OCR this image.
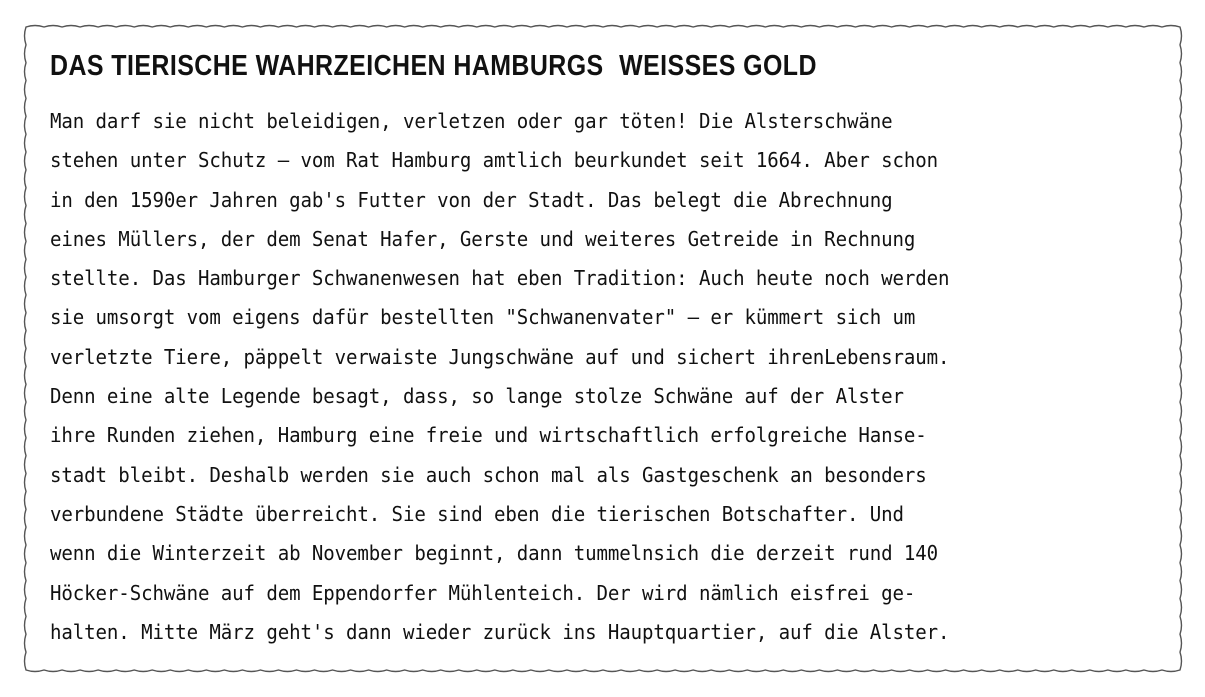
DAS TIERISCHE WAHRZEICHEN HAMBURGS WEISSES GOLD
Man darf sie nicht beleidigen, verletzen oder gar töten! Die Alsterschwäne
stehen unter Schutz – vom Rat Hamburg amtlich beurkundet seit 1664. Aber schon
in den 1590er Jahren gab's Futter von der Stadt. Das belegt die Abrechnung
eines Müllers, der dem Senat Hafer, Gerste und weiteres Getreide in Rechnung
stellte. Das Hamburger Schwanenwesen hat eben Tradition: Auch heute noch werden
sie umsorgt vom eigens dafür bestellten "Schwanenvater" – er kümmert sich um
verletzte Tiere, päppelt verwaiste Jungschwäne auf und sichert ihrenLebensraum.
Denn eine alte Legende besagt, dass, so lange stolze Schwäne auf der Alster
ihre Runden ziehen, Hamburg eine freie und wirtschaftlich erfolgreiche Hanse-
stadt bleibt. Deshalb werden sie auch schon mal als Gastgeschenk an besonders
verbundene Städte überreicht. Sie sind eben die tierischen Botschafter. Und
wenn die Winterzeit ab November beginnt, dann tummelnsich die derzeit rund 140
Höcker-Schwäne auf dem Eppendorfer Mühlenteich. Der wird nämlich eisfrei ge-
halten. Mitte März geht's dann wieder zurück ins Hauptquartier, auf die Alster.
